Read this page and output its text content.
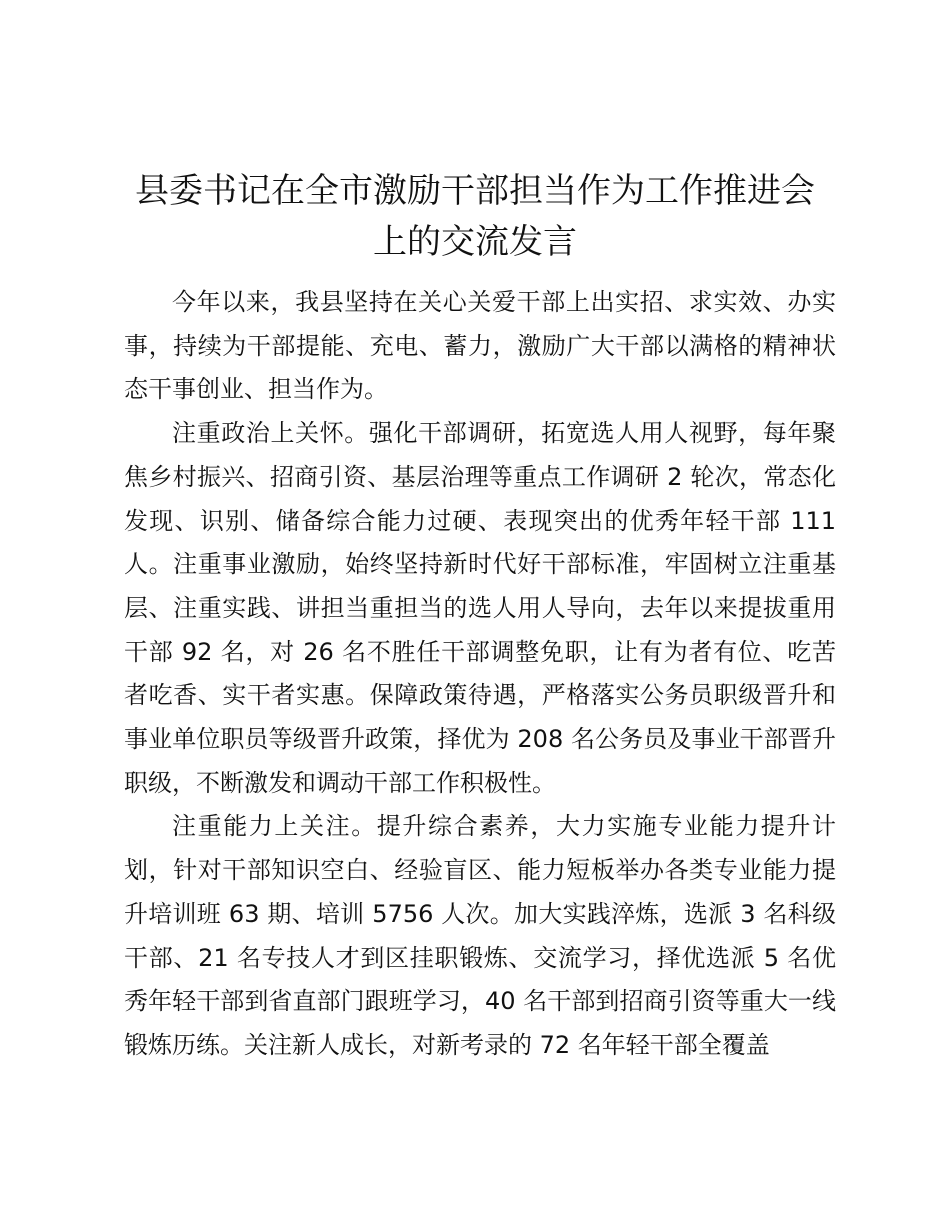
县委书记在全市激励干部担当作为工作推进会上的交流发言

今年以来，我县坚持在关心关爱干部上出实招、求实效、办实事，持续为干部提能、充电、蓄力，激励广大干部以满格的精神状态干事创业、担当作为。

注重政治上关怀。强化干部调研，拓宽选人用人视野，每年聚焦乡村振兴、招商引资、基层治理等重点工作调研 2 轮次，常态化发现、识别、储备综合能力过硬、表现突出的优秀年轻干部 111 人。注重事业激励，始终坚持新时代好干部标准，牢固树立注重基层、注重实践、讲担当重担当的选人用人导向，去年以来提拔重用干部 92 名，对 26 名不胜任干部调整免职，让有为者有位、吃苦者吃香、实干者实惠。保障政策待遇，严格落实公务员职级晋升和事业单位职员等级晋升政策，择优为 208 名公务员及事业干部晋升职级，不断激发和调动干部工作积极性。

注重能力上关注。提升综合素养，大力实施专业能力提升计划，针对干部知识空白、经验盲区、能力短板举办各类专业能力提升培训班 63 期、培训 5756 人次。加大实践淬炼，选派 3 名科级干部、21 名专技人才到区挂职锻炼、交流学习，择优选派 5 名优秀年轻干部到省直部门跟班学习，40 名干部到招商引资等重大一线锻炼历练。关注新人成长，对新考录的 72 名年轻干部全覆盖
